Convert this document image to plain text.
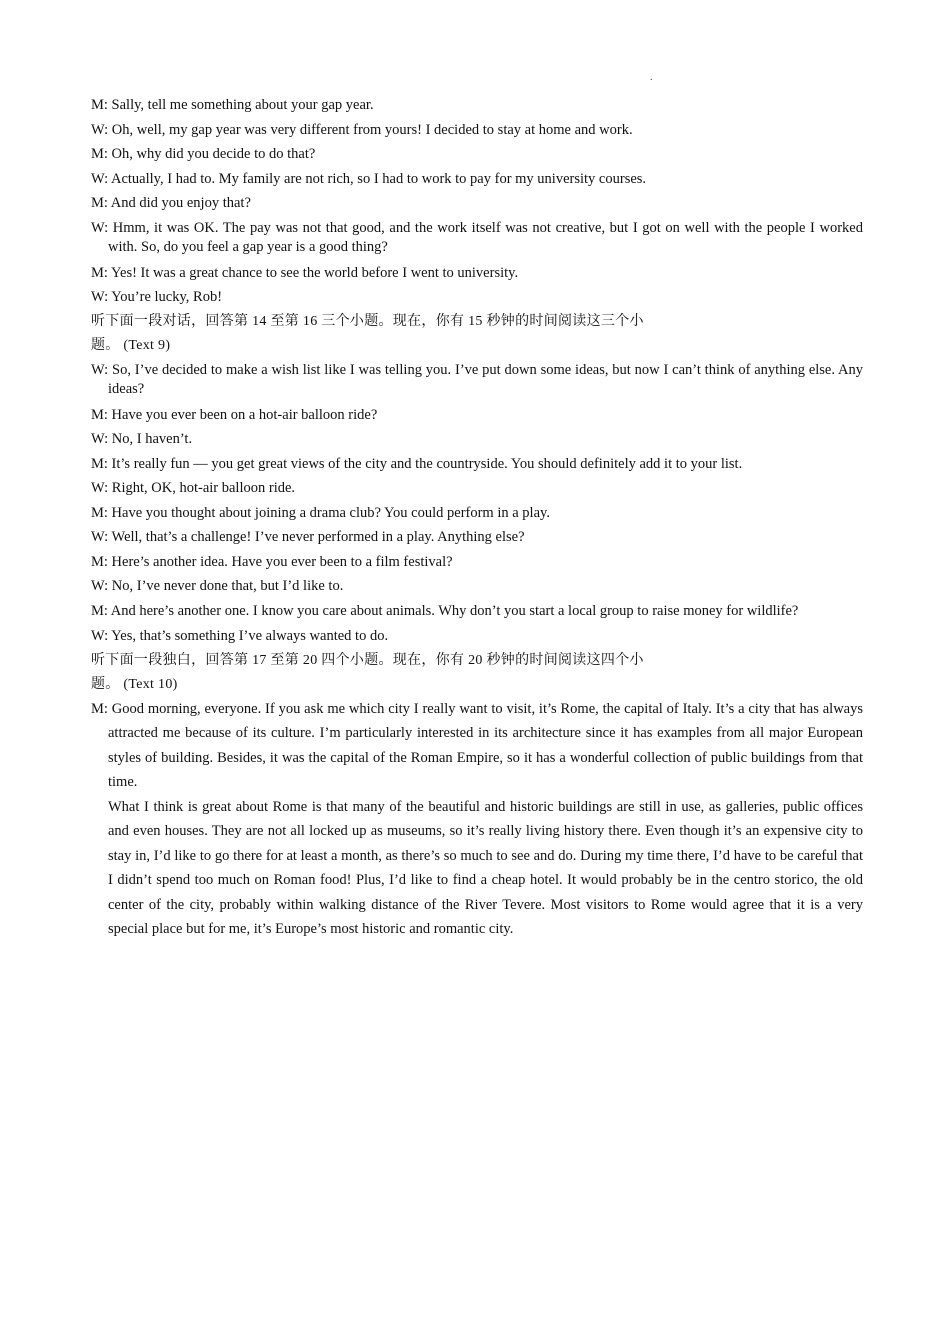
.

M: Sally, tell me something about your gap year.

W: Oh, well, my gap year was very different from yours! I decided to stay at home and work.

M: Oh, why did you decide to do that?

W: Actually, I had to. My family are not rich, so I had to work to pay for my university courses.

M: And did you enjoy that?

W: Hmm, it was OK. The pay was not that good, and the work itself was not creative, but I got on well with the people I worked with. So, do you feel a gap year is a good thing?

M: Yes! It was a great chance to see the world before I went to university.

W: You’re lucky, Rob!

听下面一段对话，回答第 14 至第 16 三个小题。现在，你有 15 秒钟的时间阅读这三个小

题。 (Text 9)

W: So, I’ve decided to make a wish list like I was telling you. I’ve put down some ideas, but now I can’t think of anything else. Any ideas?

M: Have you ever been on a hot-air balloon ride?

W: No, I haven’t.

M: It’s really fun — you get great views of the city and the countryside. You should definitely add it to your list.

W: Right, OK, hot-air balloon ride.

M: Have you thought about joining a drama club? You could perform in a play.

W: Well, that’s a challenge! I’ve never performed in a play. Anything else?

M: Here’s another idea. Have you ever been to a film festival?

W: No, I’ve never done that, but I’d like to.

M: And here’s another one. I know you care about animals. Why don’t you start a local group to raise money for wildlife?

W: Yes, that’s something I’ve always wanted to do.

听下面一段独白，回答第 17 至第 20 四个小题。现在，你有 20 秒钟的时间阅读这四个小

题。 (Text 10)

M: Good morning, everyone. If you ask me which city I really want to visit, it’s Rome, the capital of Italy. It’s a city that has always attracted me because of its culture. I’m particularly interested in its architecture since it has examples from all major European styles of building. Besides, it was the capital of the Roman Empire, so it has a wonderful collection of public buildings from that time.

What I think is great about Rome is that many of the beautiful and historic buildings are still in use, as galleries, public offices and even houses. They are not all locked up as museums, so it’s really living history there. Even though it’s an expensive city to stay in, I’d like to go there for at least a month, as there’s so much to see and do. During my time there, I’d have to be careful that I didn’t spend too much on Roman food! Plus, I’d like to find a cheap hotel. It would probably be in the centro storico, the old center of the city, probably within walking distance of the River Tevere. Most visitors to Rome would agree that it is a very special place but for me, it’s Europe’s most historic and romantic city.
